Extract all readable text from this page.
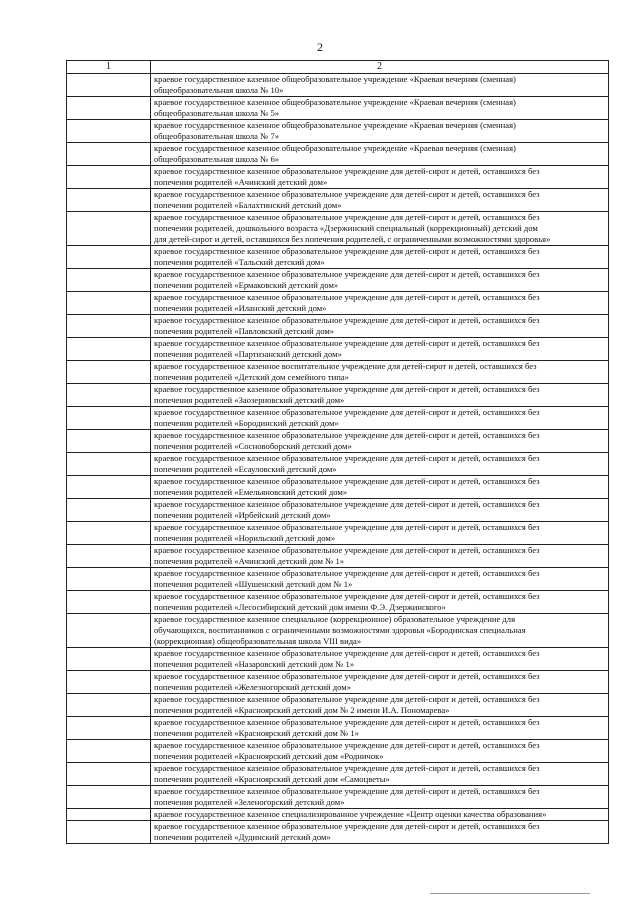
2
1	2

	краевое государственное казенное общеобразовательное учреждение «Краевая вечерняя (сменная)
общеобразовательная школа № 10»

	краевое государственное казенное общеобразовательное учреждение «Краевая вечерняя (сменная)
общеобразовательная школа № 5»

	краевое государственное казенное общеобразовательное учреждение «Краевая вечерняя (сменная)
общеобразовательная школа № 7»

	краевое государственное казенное общеобразовательное учреждение «Краевая вечерняя (сменная)
общеобразовательная школа № 6»

	краевое государственное казенное образовательное учреждение для детей-сирот и детей, оставшихся без
попечения родителей «Ачинский детский дом»

	краевое государственное казенное образовательное учреждение для детей-сирот и детей, оставшихся без
попечения родителей «Балахтинский детский дом»

	краевое государственное казенное образовательное учреждение для детей-сирот и детей, оставшихся без
попечения родителей, дошкольного возраста «Дзержинский специальный (коррекционный) детский дом
для детей-сирот и детей, оставшихся без попечения родителей, с ограниченными возможностями здоровья»

	краевое государственное казенное образовательное учреждение для детей-сирот и детей, оставшихся без
попечения родителей «Тальский детский дом»

	краевое государственное казенное образовательное учреждение для детей-сирот и детей, оставшихся без
попечения родителей «Ермаковский детский дом»

	краевое государственное казенное образовательное учреждение для детей-сирот и детей, оставшихся без
попечения родителей «Иланский детский дом»

	краевое государственное казенное образовательное учреждение для детей-сирот и детей, оставшихся без
попечения родителей «Павловский детский дом»

	краевое государственное казенное образовательное учреждение для детей-сирот и детей, оставшихся без
попечения родителей «Партизанский детский дом»

	краевое государственное казенное воспитательное учреждение для детей-сирот и детей, оставшихся без
попечения родителей «Детский дом семейного типа»

	краевое государственное казенное образовательное учреждение для детей-сирот и детей, оставшихся без
попечения родителей «Заозерновский детский дом»

	краевое государственное казенное образовательное учреждение для детей-сирот и детей, оставшихся без
попечения родителей «Бородинский детский дом»

	краевое государственное казенное образовательное учреждение для детей-сирот и детей, оставшихся без
попечения родителей «Сосновоборский детский дом»

	краевое государственное казенное образовательное учреждение для детей-сирот и детей, оставшихся без
попечения родителей «Есауловский детский дом»

	краевое государственное казенное образовательное учреждение для детей-сирот и детей, оставшихся без
попечения родителей «Емельяновский детский дом»

	краевое государственное казенное образовательное учреждение для детей-сирот и детей, оставшихся без
попечения родителей «Ирбейский детский дом»

	краевое государственное казенное образовательное учреждение для детей-сирот и детей, оставшихся без
попечения родителей «Норильский детский дом»

	краевое государственное казенное образовательное учреждение для детей-сирот и детей, оставшихся без
попечения родителей «Ачинский детский дом № 1»

	краевое государственное казенное образовательное учреждение для детей-сирот и детей, оставшихся без
попечения родителей «Шушенский детский дом № 1»

	краевое государственное казенное образовательное учреждение для детей-сирот и детей, оставшихся без
попечения родителей «Лесосибирский детский дом имени Ф.Э. Дзержинского»

	краевое государственное казенное специальное (коррекционное) образовательное учреждение для
обучающихся, воспитанников с ограниченными возможностями здоровья «Бородинская специальная
(коррекционная) общеобразовательная школа VIII вида»

	краевое государственное казенное образовательное учреждение для детей-сирот и детей, оставшихся без
попечения родителей «Назаровский детский дом № 1»

	краевое государственное казенное образовательное учреждение для детей-сирот и детей, оставшихся без
попечения родителей «Железногорский детский дом»

	краевое государственное казенное образовательное учреждение для детей-сирот и детей, оставшихся без
попечения родителей «Красноярский детский дом № 2 имени И.А. Пономарева»

	краевое государственное казенное образовательное учреждение для детей-сирот и детей, оставшихся без
попечения родителей «Красноярский детский дом № 1»

	краевое государственное казенное образовательное учреждение для детей-сирот и детей, оставшихся без
попечения родителей «Красноярский детский дом «Родничок»

	краевое государственное казенное образовательное учреждение для детей-сирот и детей, оставшихся без
попечения родителей «Красноярский детский дом «Самоцветы»

	краевое государственное казенное образовательное учреждение для детей-сирот и детей, оставшихся без
попечения родителей «Зеленогорский детский дом»

	краевое государственное казенное специализированное учреждение «Центр оценки качества образования»

	краевое государственное казенное образовательное учреждение для детей-сирот и детей, оставшихся без
попечения родителей «Дудинский детский дом»
